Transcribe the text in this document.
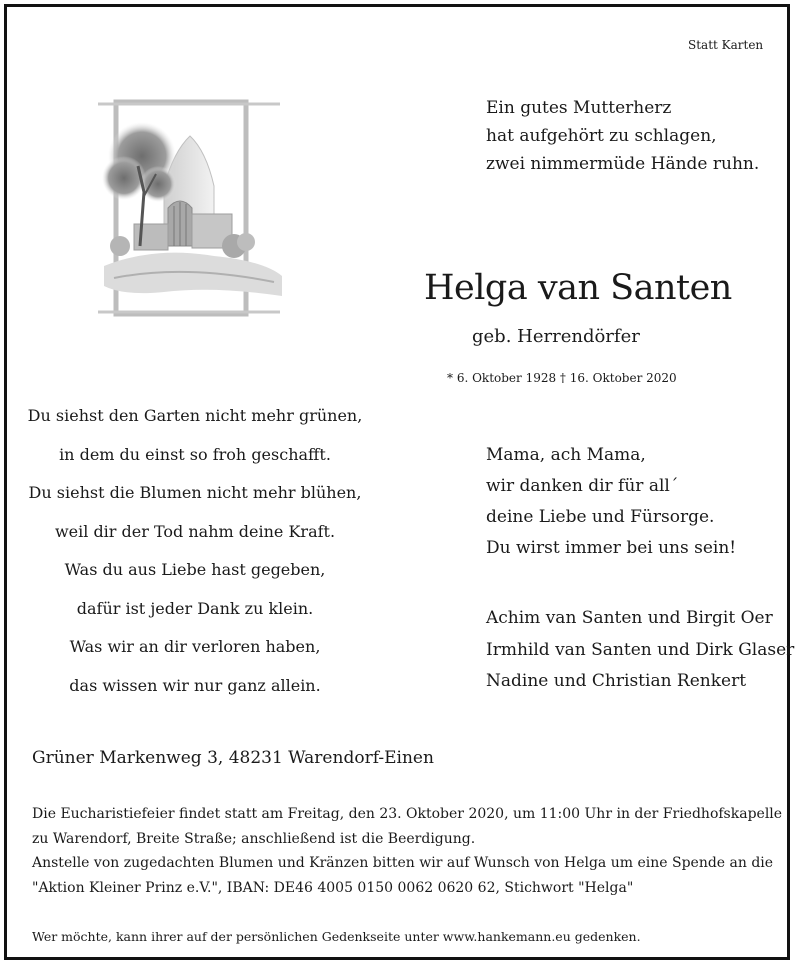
Statt Karten
Ein gutes Mutterherz
hat aufgehört zu schlagen,
zwei nimmermüde Hände ruhn.
Helga van Santen
geb. Herrendörfer
* 6. Oktober 1928 † 16. Oktober 2020
Du siehst den Garten nicht mehr grünen,
in dem du einst so froh geschafft.
Du siehst die Blumen nicht mehr blühen,
weil dir der Tod nahm deine Kraft.
Was du aus Liebe hast gegeben,
dafür ist jeder Dank zu klein.
Was wir an dir verloren haben,
das wissen wir nur ganz allein.
Mama, ach Mama,
wir danken dir für all´
deine Liebe und Fürsorge.
Du wirst immer bei uns sein!
Achim van Santen und Birgit Oer
Irmhild van Santen und Dirk Glaser
Nadine und Christian Renkert
Grüner Markenweg 3, 48231 Warendorf-Einen
Die Eucharistiefeier findet statt am Freitag, den 23. Oktober 2020, um 11:00 Uhr in der Friedhofskapelle
zu Warendorf, Breite Straße; anschließend ist die Beerdigung.
Anstelle von zugedachten Blumen und Kränzen bitten wir auf Wunsch von Helga um eine Spende an die
"Aktion Kleiner Prinz e.V.", IBAN: DE46 4005 0150 0062 0620 62, Stichwort "Helga"
Wer möchte, kann ihrer auf der persönlichen Gedenkseite unter www.hankemann.eu gedenken.
